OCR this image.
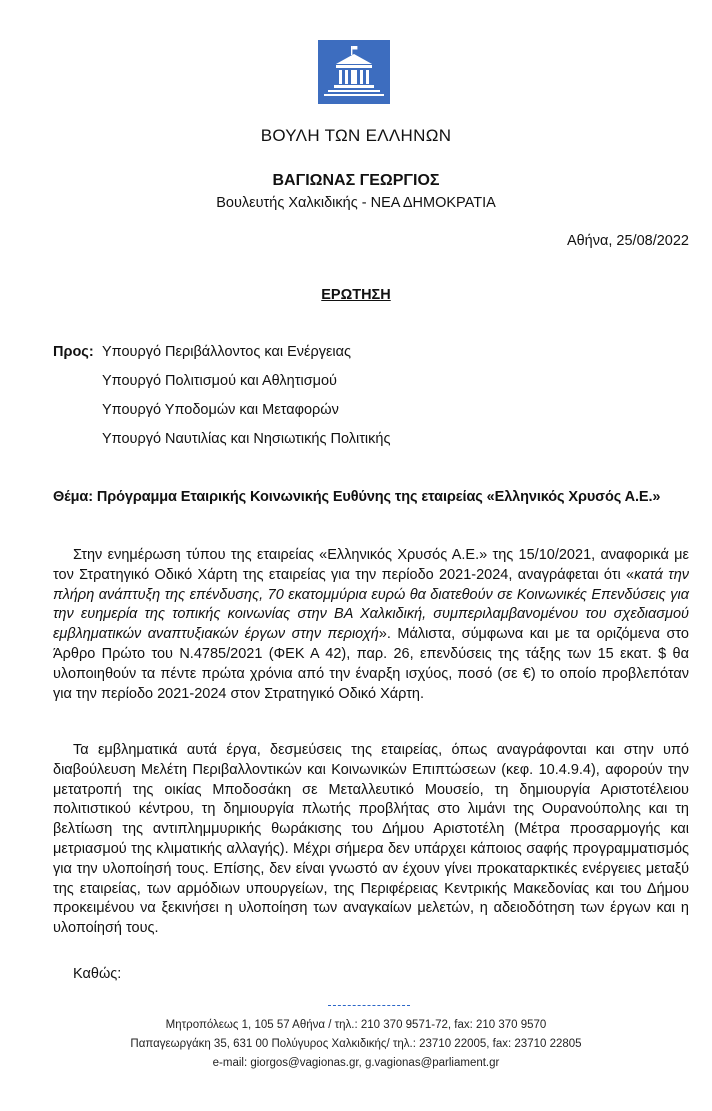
ΒΟΥΛΗ ΤΩΝ ΕΛΛΗΝΩΝ
ΒΑΓΙΩΝΑΣ ΓΕΩΡΓΙΟΣ
Βουλευτής Χαλκιδικής - ΝΕΑ ΔΗΜΟΚΡΑΤΙΑ
Αθήνα, 25/08/2022
ΕΡΩΤΗΣΗ
Προς: Υπουργό Περιβάλλοντος και Ενέργειας
Υπουργό Πολιτισμού και Αθλητισμού
Υπουργό Υποδομών και Μεταφορών
Υπουργό Ναυτιλίας και Νησιωτικής Πολιτικής
Θέμα: Πρόγραμμα Εταιρικής Κοινωνικής Ευθύνης της εταιρείας «Ελληνικός Χρυσός Α.Ε.»

Στην ενημέρωση τύπου της εταιρείας «Ελληνικός Χρυσός Α.Ε.» της 15/10/2021, αναφορικά με τον Στρατηγικό Οδικό Χάρτη της εταιρείας για την περίοδο 2021-2024, αναγράφεται ότι «κατά την πλήρη ανάπτυξη της επένδυσης, 70 εκατομμύρια ευρώ θα διατεθούν σε Κοινωνικές Επενδύσεις για την ευημερία της τοπικής κοινωνίας στην ΒΑ Χαλκιδική, συμπεριλαμβανομένου του σχεδιασμού εμβληματικών αναπτυξιακών έργων στην περιοχή». Μάλιστα, σύμφωνα και με τα οριζόμενα στο Άρθρο Πρώτο του Ν.4785/2021 (ΦΕΚ Α 42), παρ. 26, επενδύσεις της τάξης των 15 εκατ. $ θα υλοποιηθούν τα πέντε πρώτα χρόνια από την έναρξη ισχύος, ποσό (σε €) το οποίο προβλεπόταν για την περίοδο 2021-2024 στον Στρατηγικό Οδικό Χάρτη.

Τα εμβληματικά αυτά έργα, δεσμεύσεις της εταιρείας, όπως αναγράφονται και στην υπό διαβούλευση Μελέτη Περιβαλλοντικών και Κοινωνικών Επιπτώσεων (κεφ. 10.4.9.4), αφορούν την μετατροπή της οικίας Μποδοσάκη σε Μεταλλευτικό Μουσείο, τη δημιουργία Αριστοτέλειου πολιτιστικού κέντρου, τη δημιουργία πλωτής προβλήτας στο λιμάνι της Ουρανούπολης και τη βελτίωση της αντιπλημμυρικής θωράκισης του Δήμου Αριστοτέλη (Μέτρα προσαρμογής και μετριασμού της κλιματικής αλλαγής). Μέχρι σήμερα δεν υπάρχει κάποιος σαφής προγραμματισμός για την υλοποίησή τους. Επίσης, δεν είναι γνωστό αν έχουν γίνει προκαταρκτικές ενέργειες μεταξύ της εταιρείας, των αρμόδιων υπουργείων, της Περιφέρειας Κεντρικής Μακεδονίας και του Δήμου προκειμένου να ξεκινήσει η υλοποίηση των αναγκαίων μελετών, η αδειοδότηση των έργων και η υλοποίησή τους.

Καθώς:

Μητροπόλεως 1, 105 57 Αθήνα / τηλ.: 210 370 9571-72, fax: 210 370 9570
Παπαγεωργάκη 35, 631 00 Πολύγυρος Χαλκιδικής/ τηλ.: 23710 22005, fax: 23710 22805
e-mail: giorgos@vagionas.gr, g.vagionas@parliament.gr
